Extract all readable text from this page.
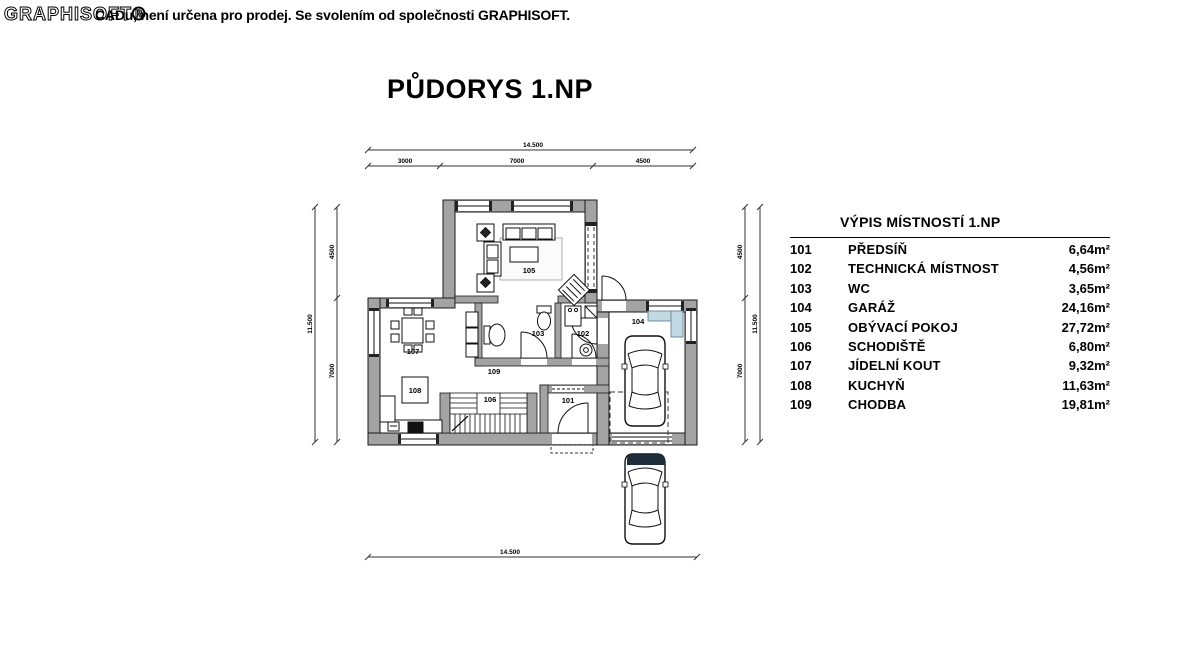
CADu, není určena pro prodej. Se svolením od společnosti GRAPHISOFT.
GRAPHISOFT®
PŮDORYS 1.NP
VÝPIS MÍSTNOSTÍ 1.NP
101	PŘEDSÍŇ	6,64m²
102	TECHNICKÁ MÍSTNOST	4,56m²
103	WC	3,65m²
104	GARÁŽ	24,16m²
105	OBÝVACÍ POKOJ	27,72m²
106	SCHODIŠTĚ	6,80m²
107	JÍDELNÍ KOUT	9,32m²
108	KUCHYŇ	11,63m²
109	CHODBA	19,81m²
105
107
108
109
106	101
103	102
104
14.500
3000	7000	4500
11.500
4500
7000
4500
7000
11.500
14.500
